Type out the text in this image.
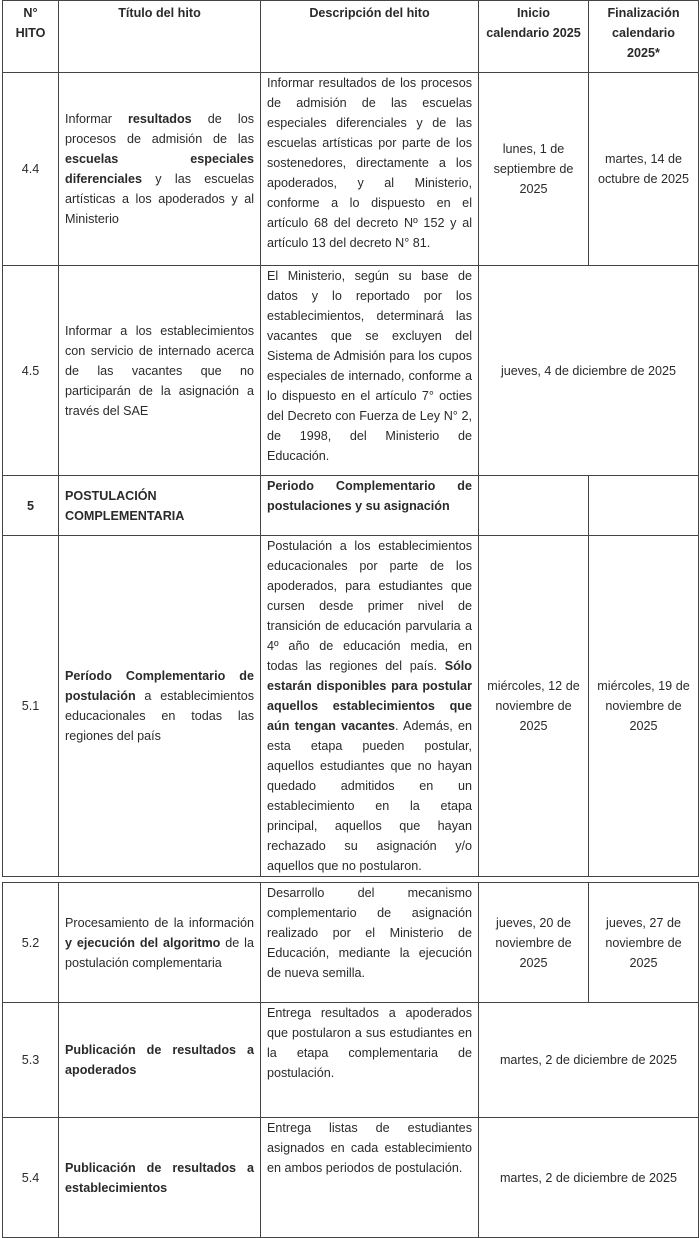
N° HITO	Título del hito	Descripción del hito	Inicio calendario 2025	Finalización calendario 2025*
4.4	Informar resultados de los procesos de admisión de las escuelas especiales diferenciales y las escuelas artísticas a los apoderados y al Ministerio	Informar resultados de los procesos de admisión de las escuelas especiales diferenciales y de las escuelas artísticas por parte de los sostenedores, directamente a los apoderados, y al Ministerio, conforme a lo dispuesto en el artículo 68 del decreto Nº 152 y al artículo 13 del decreto N° 81.	lunes, 1 de septiembre de 2025	martes, 14 de octubre de 2025
4.5	Informar a los establecimientos con servicio de internado acerca de las vacantes que no participarán de la asignación a través del SAE	El Ministerio, según su base de datos y lo reportado por los establecimientos, determinará las vacantes que se excluyen del Sistema de Admisión para los cupos especiales de internado, conforme a lo dispuesto en el artículo 7° octies del Decreto con Fuerza de Ley N° 2, de 1998, del Ministerio de Educación.	jueves, 4 de diciembre de 2025	
5	POSTULACIÓN COMPLEMENTARIA	Periodo Complementario de postulaciones y su asignación		
5.1	Período Complementario de postulación a establecimientos educacionales en todas las regiones del país	Postulación a los establecimientos educacionales por parte de los apoderados, para estudiantes que cursen desde primer nivel de transición de educación parvularia a 4º año de educación media, en todas las regiones del país. Sólo estarán disponibles para postular aquellos establecimientos que aún tengan vacantes. Además, en esta etapa pueden postular, aquellos estudiantes que no hayan quedado admitidos en un establecimiento en la etapa principal, aquellos que hayan rechazado su asignación y/o aquellos que no postularon.	miércoles, 12 de noviembre de 2025	miércoles, 19 de noviembre de 2025
5.2	Procesamiento de la información y ejecución del algoritmo de la postulación complementaria	Desarrollo del mecanismo complementario de asignación realizado por el Ministerio de Educación, mediante la ejecución de nueva semilla.	jueves, 20 de noviembre de 2025	jueves, 27 de noviembre de 2025
5.3	Publicación de resultados a apoderados	Entrega resultados a apoderados que postularon a sus estudiantes en la etapa complementaria de postulación.	martes, 2 de diciembre de 2025	
5.4	Publicación de resultados a establecimientos	Entrega listas de estudiantes asignados en cada establecimiento en ambos periodos de postulación.	martes, 2 de diciembre de 2025	
